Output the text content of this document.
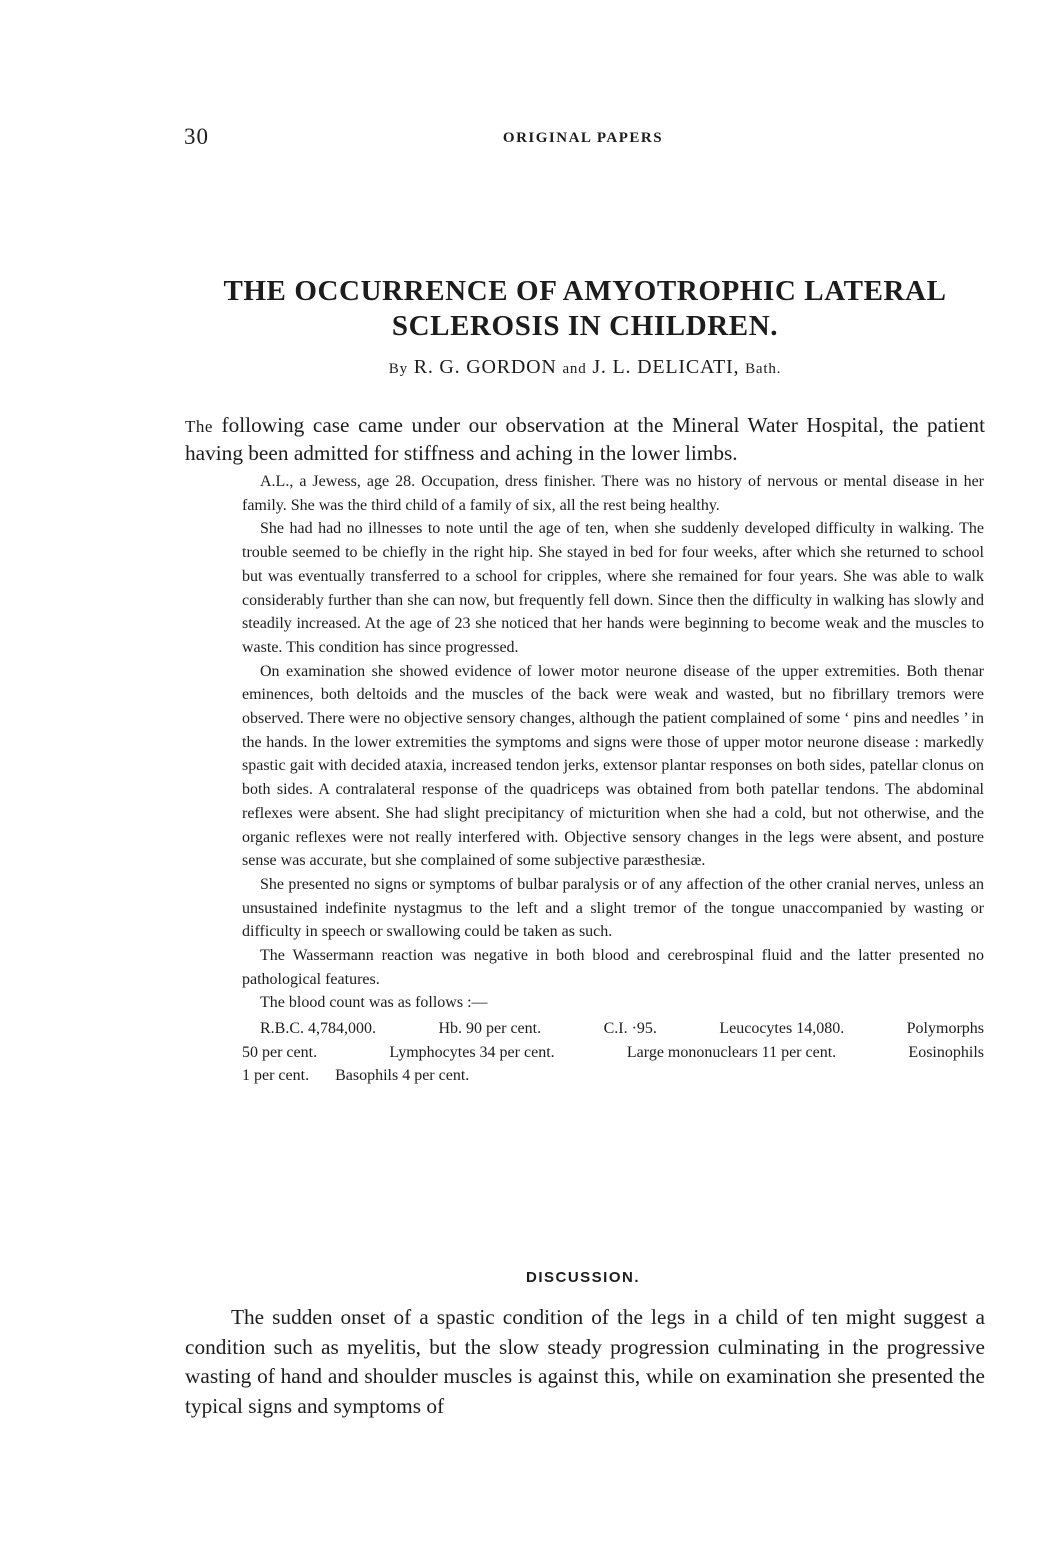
30	ORIGINAL PAPERS
THE OCCURRENCE OF AMYOTROPHIC LATERAL SCLEROSIS IN CHILDREN.
By R. G. GORDON and J. L. DELICATI, Bath.

The following case came under our observation at the Mineral Water Hospital, the patient having been admitted for stiffness and aching in the lower limbs.

A.L., a Jewess, age 28. Occupation, dress finisher. There was no history of nervous or mental disease in her family. She was the third child of a family of six, all the rest being healthy.

She had had no illnesses to note until the age of ten, when she suddenly developed difficulty in walking. The trouble seemed to be chiefly in the right hip. She stayed in bed for four weeks, after which she returned to school but was eventually transferred to a school for cripples, where she remained for four years. She was able to walk considerably further than she can now, but frequently fell down. Since then the difficulty in walking has slowly and steadily increased. At the age of 23 she noticed that her hands were beginning to become weak and the muscles to waste. This condition has since progressed.

On examination she showed evidence of lower motor neurone disease of the upper extremities. Both thenar eminences, both deltoids and the muscles of the back were weak and wasted, but no fibrillary tremors were observed. There were no objective sensory changes, although the patient complained of some ‘ pins and needles ’ in the hands. In the lower extremities the symptoms and signs were those of upper motor neurone disease : markedly spastic gait with decided ataxia, increased tendon jerks, extensor plantar responses on both sides, patellar clonus on both sides. A contralateral response of the quadriceps was obtained from both patellar tendons. The abdominal reflexes were absent. She had slight precipitancy of micturition when she had a cold, but not otherwise, and the organic reflexes were not really interfered with. Objective sensory changes in the legs were absent, and posture sense was accurate, but she complained of some subjective paræsthesiæ.

She presented no signs or symptoms of bulbar paralysis or of any affection of the other cranial nerves, unless an unsustained indefinite nystagmus to the left and a slight tremor of the tongue unaccompanied by wasting or difficulty in speech or swallowing could be taken as such.

The Wassermann reaction was negative in both blood and cerebrospinal fluid and the latter presented no pathological features.

The blood count was as follows :—

R.B.C. 4,784,000.	Hb. 90 per cent.	C.I. ·95.	Leucocytes 14,080.	Polymorphs
50 per cent.	Lymphocytes 34 per cent.	Large mononuclears 11 per cent.	Eosinophils
1 per cent. Basophils 4 per cent.
DISCUSSION.

The sudden onset of a spastic condition of the legs in a child of ten might suggest a condition such as myelitis, but the slow steady progression culminating in the progressive wasting of hand and shoulder muscles is against this, while on examination she presented the typical signs and symptoms of
